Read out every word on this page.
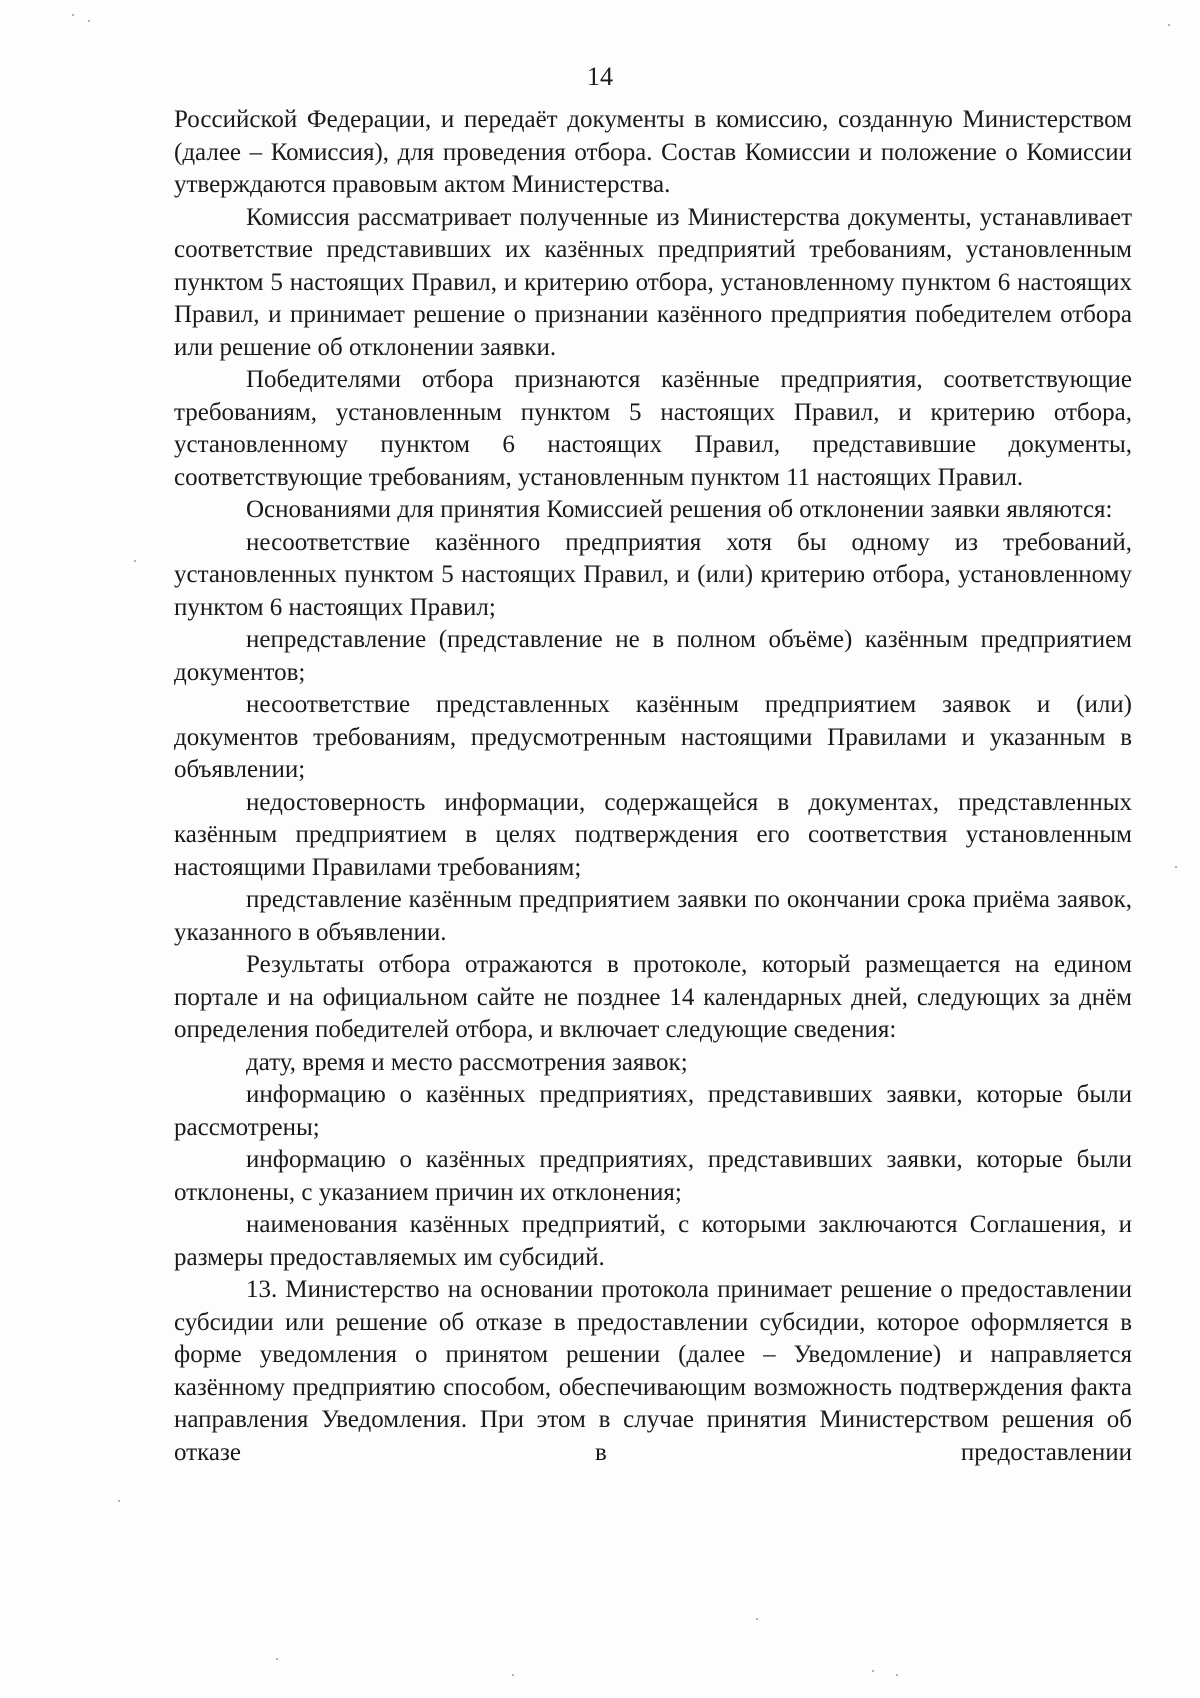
14

Российской Федерации, и передаёт документы в комиссию, созданную Министерством (далее – Комиссия), для проведения отбора. Состав Комиссии и положение о Комиссии утверждаются правовым актом Министерства.

Комиссия рассматривает полученные из Министерства документы, устанавливает соответствие представивших их казённых предприятий требованиям, установленным пунктом 5 настоящих Правил, и критерию отбора, установленному пунктом 6 настоящих Правил, и принимает решение о признании казённого предприятия победителем отбора или решение об отклонении заявки.

Победителями отбора признаются казённые предприятия, соответствующие требованиям, установленным пунктом 5 настоящих Правил, и критерию отбора, установленному пунктом 6 настоящих Правил, представившие документы, соответствующие требованиям, установленным пунктом 11 настоящих Правил.

Основаниями для принятия Комиссией решения об отклонении заявки являются:

несоответствие казённого предприятия хотя бы одному из требований, установленных пунктом 5 настоящих Правил, и (или) критерию отбора, установленному пунктом 6 настоящих Правил;

непредставление (представление не в полном объёме) казённым предприятием документов;

несоответствие представленных казённым предприятием заявок и (или) документов требованиям, предусмотренным настоящими Правилами и указанным в объявлении;

недостоверность информации, содержащейся в документах, представленных казённым предприятием в целях подтверждения его соответствия установленным настоящими Правилами требованиям;

представление казённым предприятием заявки по окончании срока приёма заявок, указанного в объявлении.

Результаты отбора отражаются в протоколе, который размещается на едином портале и на официальном сайте не позднее 14 календарных дней, следующих за днём определения победителей отбора, и включает следующие сведения:

дату, время и место рассмотрения заявок;

информацию о казённых предприятиях, представивших заявки, которые были рассмотрены;

информацию о казённых предприятиях, представивших заявки, которые были отклонены, с указанием причин их отклонения;

наименования казённых предприятий, с которыми заключаются Соглашения, и размеры предоставляемых им субсидий.

13. Министерство на основании протокола принимает решение о предоставлении субсидии или решение об отказе в предоставлении субсидии, которое оформляется в форме уведомления о принятом решении (далее – Уведомление) и направляется казённому предприятию способом, обеспечивающим возможность подтверждения факта направления Уведомления. При этом в случае принятия Министерством решения об отказе в предоставлении
